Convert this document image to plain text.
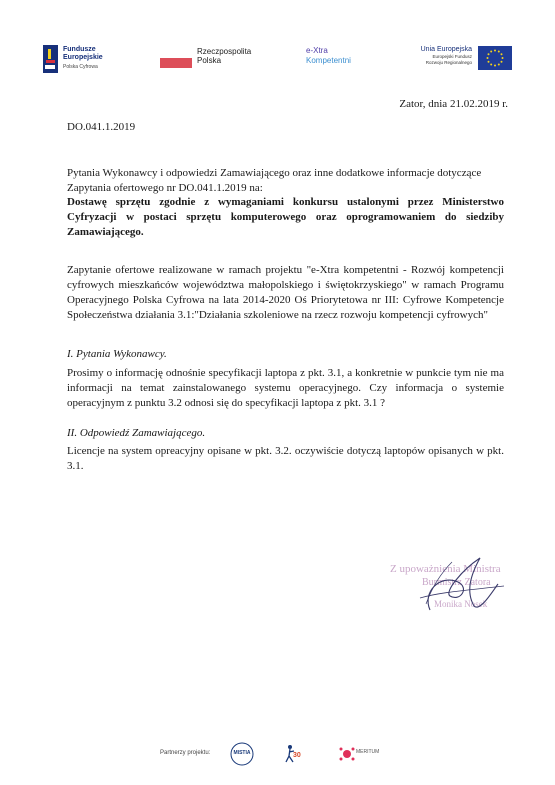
Fundusze
Europejskie
Polska Cyfrowa
Rzeczpospolita
Polska
e-Xtra
Kompetentni
Unia Europejska
Europejski Fundusz
Rozwoju Regionalnego
Zator, dnia 21.02.2019 r.
DO.041.1.2019
Pytania Wykonawcy i odpowiedzi Zamawiającego oraz inne dodatkowe informacje dotyczące Zapytania ofertowego nr DO.041.1.2019 na:
Dostawę sprzętu zgodnie z wymaganiami konkursu ustalonymi przez Ministerstwo Cyfryzacji w postaci sprzętu komputerowego oraz oprogramowaniem do siedziby Zamawiającego.
Zapytanie ofertowe realizowane w ramach projektu "e-Xtra kompetentni - Rozwój kompetencji cyfrowych mieszkańców województwa małopolskiego i świętokrzyskiego" w ramach Programu Operacyjnego Polska Cyfrowa na lata 2014-2020 Oś Priorytetowa nr III: Cyfrowe Kompetencje Społeczeństwa działania 3.1:"Działania szkoleniowe na rzecz rozwoju kompetencji cyfrowych"
I. Pytania Wykonawcy.
Prosimy o informację odnośnie specyfikacji laptopa z pkt. 3.1, a konkretnie w punkcie tym nie ma informacji na temat zainstalowanego systemu operacyjnego. Czy informacja o systemie operacyjnym z punktu 3.2 odnosi się do specyfikacji laptopa z pkt. 3.1 ?
II. Odpowiedź Zamawiającego.
Licencje na system opreacyjny opisane w pkt. 3.2. oczywiście dotyczą laptopów opisanych w pkt. 3.1.
Z upoważnienia Ministra
Burmistrz Zatora
Monika Nosek
Partnerzy projektu:	MISTIA	30	MERITUM
